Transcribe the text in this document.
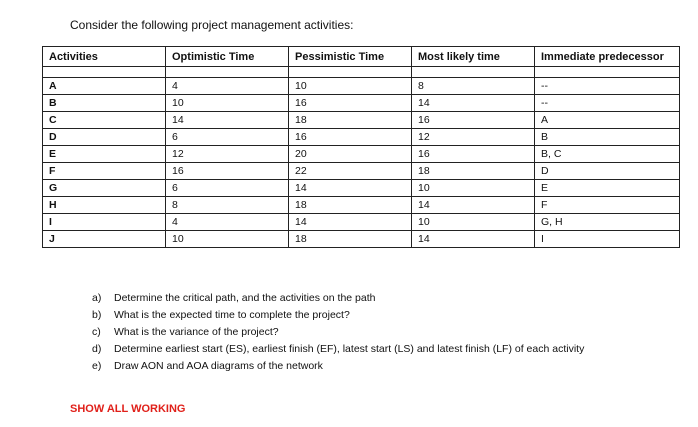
Consider the following project management activities:
Activities	Optimistic Time	Pessimistic Time	Most likely time	Immediate predecessor

A	4	10	8	--
B	10	16	14	--
C	14	18	16	A
D	6	16	12	B
E	12	20	16	B, C
F	16	22	18	D
G	6	14	10	E
H	8	18	14	F
I	4	14	10	G, H
J	10	18	14	I
a)	Determine the critical path, and the activities on the path
b)	What is the expected time to complete the project?
c)	What is the variance of the project?
d)	Determine earliest start (ES), earliest finish (EF), latest start (LS) and latest finish (LF) of each activity
e)	Draw AON and AOA diagrams of the network
SHOW ALL WORKING
